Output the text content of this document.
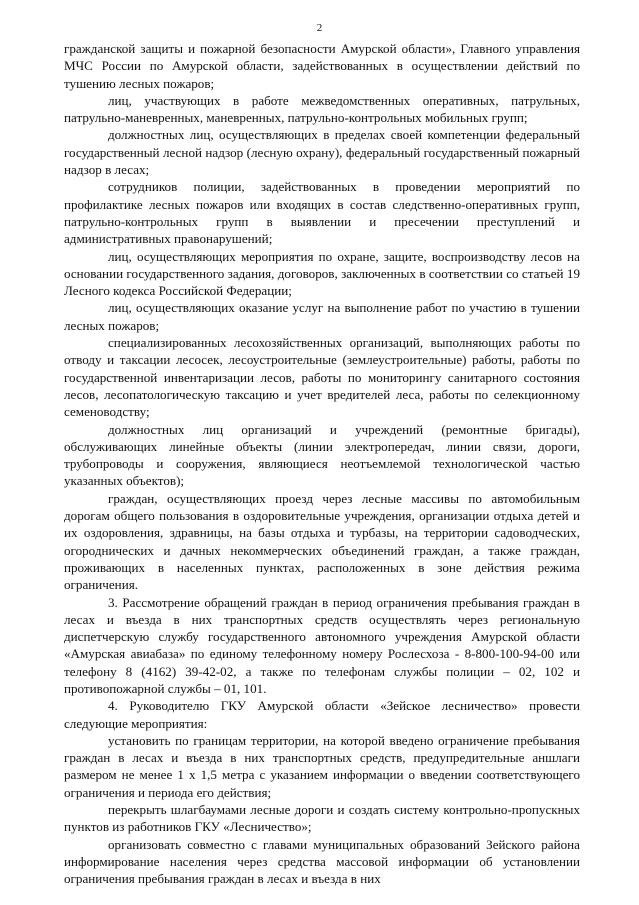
2

гражданской защиты и пожарной безопасности Амурской области», Главного управления МЧС России по Амурской области, задействованных в осуществлении действий по тушению лесных пожаров;

лиц, участвующих в работе межведомственных оперативных, патрульных, патрульно-маневренных, маневренных, патрульно-контрольных мобильных групп;

должностных лиц, осуществляющих в пределах своей компетенции федеральный государственный лесной надзор (лесную охрану), федеральный государственный пожарный надзор в лесах;

сотрудников полиции, задействованных в проведении мероприятий по профилактике лесных пожаров или входящих в состав следственно-оперативных групп, патрульно-контрольных групп в выявлении и пресечении преступлений и административных правонарушений;

лиц, осуществляющих мероприятия по охране, защите, воспроизводству лесов на основании государственного задания, договоров, заключенных в соответствии со статьей 19 Лесного кодекса Российской Федерации;

лиц, осуществляющих оказание услуг на выполнение работ по участию в тушении лесных пожаров;

специализированных лесохозяйственных организаций, выполняющих работы по отводу и таксации лесосек, лесоустроительные (землеустроительные) работы, работы по государственной инвентаризации лесов, работы по мониторингу санитарного состояния лесов, лесопатологическую таксацию и учет вредителей леса, работы по селекционному семеноводству;

должностных лиц организаций и учреждений (ремонтные бригады), обслуживающих линейные объекты (линии электропередач, линии связи, дороги, трубопроводы и сооружения, являющиеся неотъемлемой технологической частью указанных объектов);

граждан, осуществляющих проезд через лесные массивы по автомобильным дорогам общего пользования в оздоровительные учреждения, организации отдыха детей и их оздоровления, здравницы, на базы отдыха и турбазы, на территории садоводческих, огороднических и дачных некоммерческих объединений граждан, а также граждан, проживающих в населенных пунктах, расположенных в зоне действия режима ограничения.

3. Рассмотрение обращений граждан в период ограничения пребывания граждан в лесах и въезда в них транспортных средств осуществлять через региональную диспетчерскую службу государственного автономного учреждения Амурской области «Амурская авиабаза» по единому телефонному номеру Рослесхоза - 8-800-100-94-00 или телефону 8 (4162) 39-42-02, а также по телефонам службы полиции – 02, 102 и противопожарной службы – 01, 101.

4. Руководителю ГКУ Амурской области «Зейское лесничество» провести следующие мероприятия:

установить по границам территории, на которой введено ограничение пребывания граждан в лесах и въезда в них транспортных средств, предупредительные аншлаги размером не менее 1 х 1,5 метра с указанием информации о введении соответствующего ограничения и периода его действия;

перекрыть шлагбаумами лесные дороги и создать систему контрольно-пропускных пунктов из работников ГКУ «Лесничество»;

организовать совместно с главами муниципальных образований Зейского района информирование населения через средства массовой информации об установлении ограничения пребывания граждан в лесах и въезда в них
